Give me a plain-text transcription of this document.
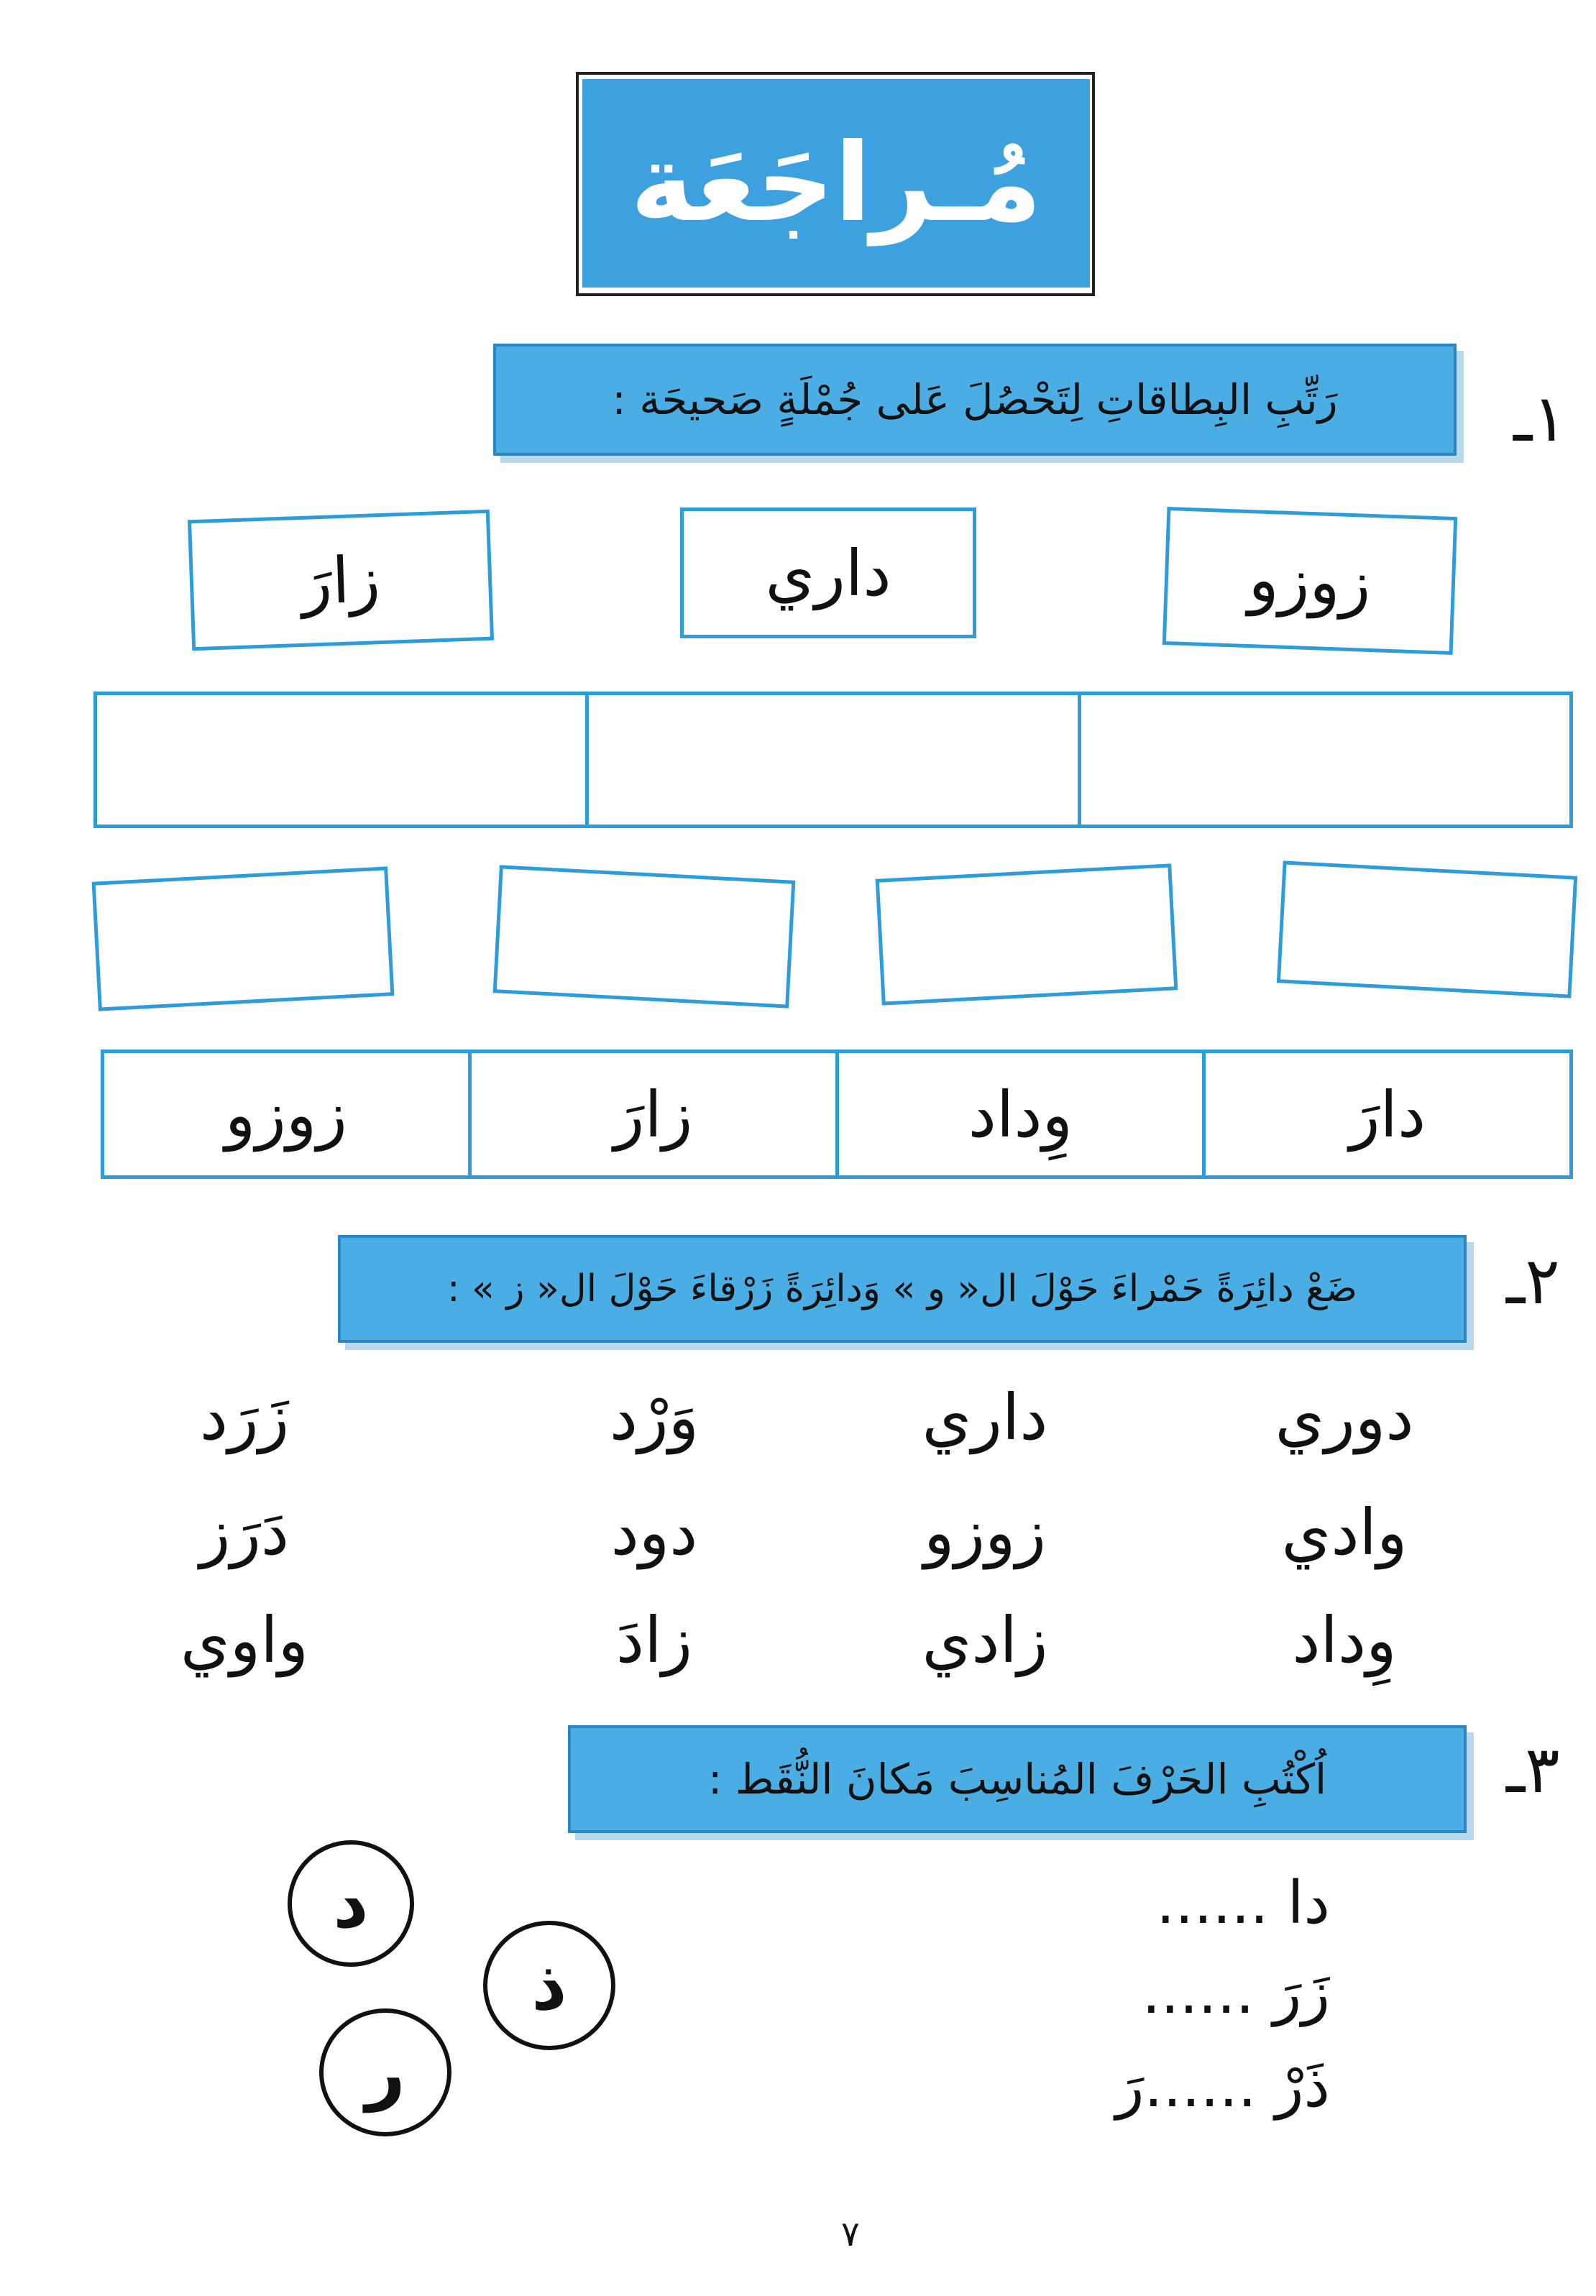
مُـراجَعَة
١ـ
رَتِّبِ البِطاقاتِ لِتَحْصُلَ عَلى جُمْلَةٍ صَحيحَة :
زوزو
داري
زارَ
دارَ
وِداد
زارَ
زوزو
٢ـ
ضَعْ دائِرَةً حَمْراءَ حَوْلَ ال« و » وَدائِرَةً زَرْقاءَ حَوْلَ ال« ز » :
دوري
داري
وَرْد
زَرَد
وادي
زوزو
دود
دَرَز
وِداد
زادي
زادَ
واوي
٣ـ
اُكْتُبِ الحَرْفَ المُناسِبَ مَكانَ النُّقَط :
دا ......
زَرَ ......
ذَرْ ......رَ
د
ذ
ر
٧
